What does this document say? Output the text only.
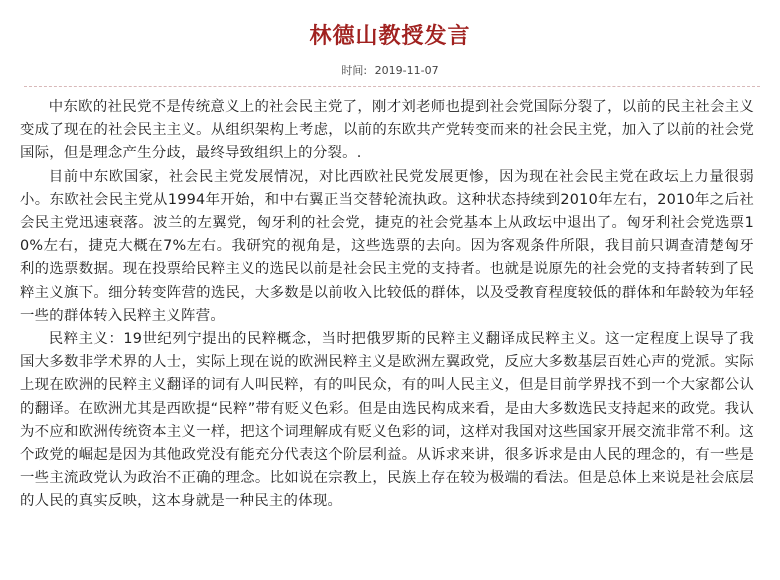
林德山教授发言
时间: 2019-11-07

中东欧的社民党不是传统意义上的社会民主党了，刚才刘老师也提到社会党国际分裂了，以前的民主社会主义变成了现在的社会民主主义。从组织架构上考虑，以前的东欧共产党转变而来的社会民主党，加入了以前的社会党国际，但是理念产生分歧，最终导致组织上的分裂。.

目前中东欧国家，社会民主党发展情况，对比西欧社民党发展更惨，因为现在社会民主党在政坛上力量很弱小。东欧社会民主党从1994年开始，和中右翼正当交替轮流执政。这种状态持续到2010年左右，2010年之后社会民主党迅速衰落。波兰的左翼党，匈牙利的社会党，捷克的社会党基本上从政坛中退出了。匈牙利社会党选票10%左右，捷克大概在7%左右。我研究的视角是，这些选票的去向。因为客观条件所限，我目前只调查清楚匈牙利的选票数据。现在投票给民粹主义的选民以前是社会民主党的支持者。也就是说原先的社会党的支持者转到了民粹主义旗下。细分转变阵营的选民，大多数是以前收入比较低的群体，以及受教育程度较低的群体和年龄较为年轻一些的群体转入民粹主义阵营。

民粹主义：19世纪列宁提出的民粹概念，当时把俄罗斯的民粹主义翻译成民粹主义。这一定程度上误导了我国大多数非学术界的人士，实际上现在说的欧洲民粹主义是欧洲左翼政党，反应大多数基层百姓心声的党派。实际上现在欧洲的民粹主义翻译的词有人叫民粹，有的叫民众，有的叫人民主义，但是目前学界找不到一个大家都公认的翻译。在欧洲尤其是西欧提“民粹”带有贬义色彩。但是由选民构成来看，是由大多数选民支持起来的政党。我认为不应和欧洲传统资本主义一样，把这个词理解成有贬义色彩的词，这样对我国对这些国家开展交流非常不利。这个政党的崛起是因为其他政党没有能充分代表这个阶层利益。从诉求来讲，很多诉求是由人民的理念的，有一些是一些主流政党认为政治不正确的理念。比如说在宗教上，民族上存在较为极端的看法。但是总体上来说是社会底层的人民的真实反映，这本身就是一种民主的体现。
